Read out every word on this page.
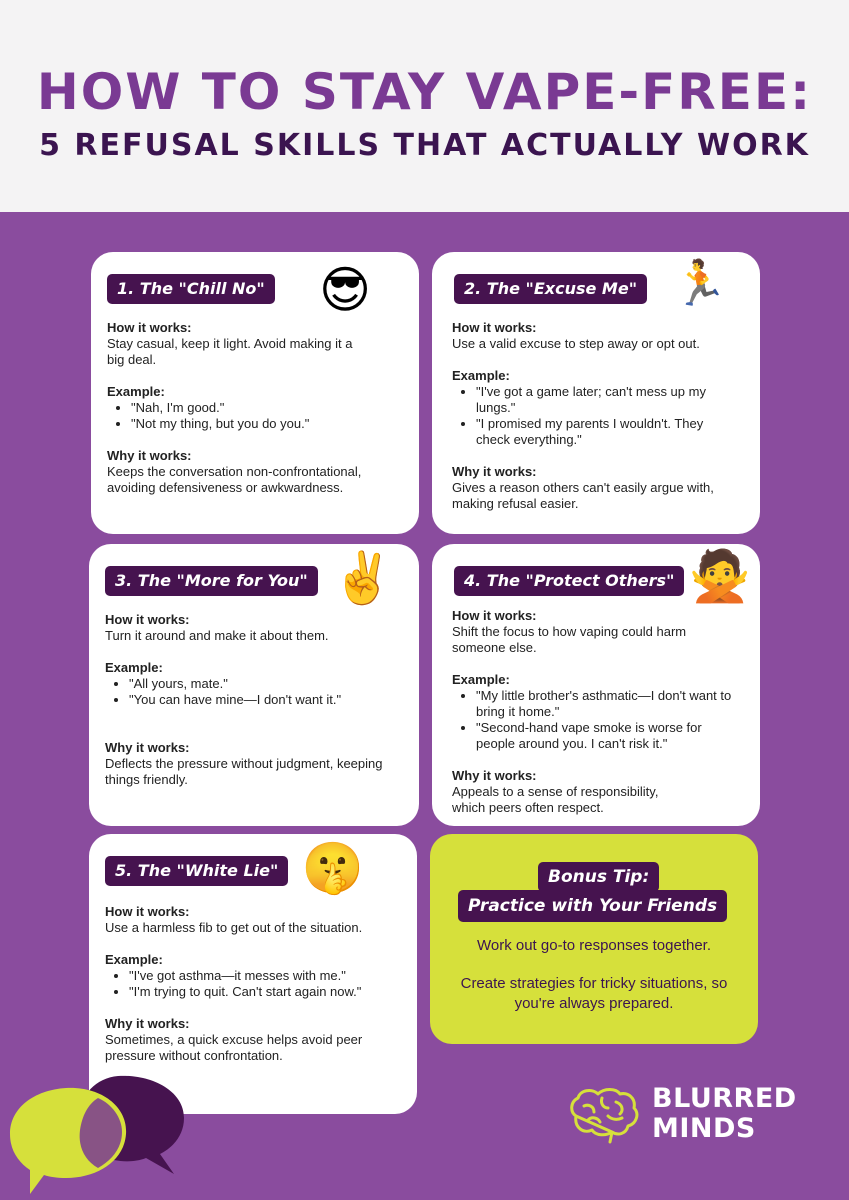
HOW TO STAY VAPE-FREE:
5 REFUSAL SKILLS THAT ACTUALLY WORK
1. The "Chill No" 😎
How it works:
Stay casual, keep it light. Avoid making it a big deal.
Example:
• "Nah, I'm good."
• "Not my thing, but you do you."
Why it works:
Keeps the conversation non-confrontational, avoiding defensiveness or awkwardness.
2. The "Excuse Me" 🏃
How it works:
Use a valid excuse to step away or opt out.
Example:
• "I've got a game later; can't mess up my lungs."
• "I promised my parents I wouldn't. They check everything."
Why it works:
Gives a reason others can't easily argue with, making refusal easier.
3. The "More for You" ✌️
How it works:
Turn it around and make it about them.
Example:
• "All yours, mate."
• "You can have mine—I don't want it."
Why it works:
Deflects the pressure without judgment, keeping things friendly.
4. The "Protect Others" 🙅
How it works:
Shift the focus to how vaping could harm someone else.
Example:
• "My little brother's asthmatic—I don't want to bring it home."
• "Second-hand vape smoke is worse for people around you. I can't risk it."
Why it works:
Appeals to a sense of responsibility, which peers often respect.
5. The "White Lie" 🤫
How it works:
Use a harmless fib to get out of the situation.
Example:
• "I've got asthma—it messes with me."
• "I'm trying to quit. Can't start again now."
Why it works:
Sometimes, a quick excuse helps avoid peer pressure without confrontation.
Bonus Tip:
Practice with Your Friends
Work out go-to responses together.
Create strategies for tricky situations, so you're always prepared.
BLURRED
MINDS
